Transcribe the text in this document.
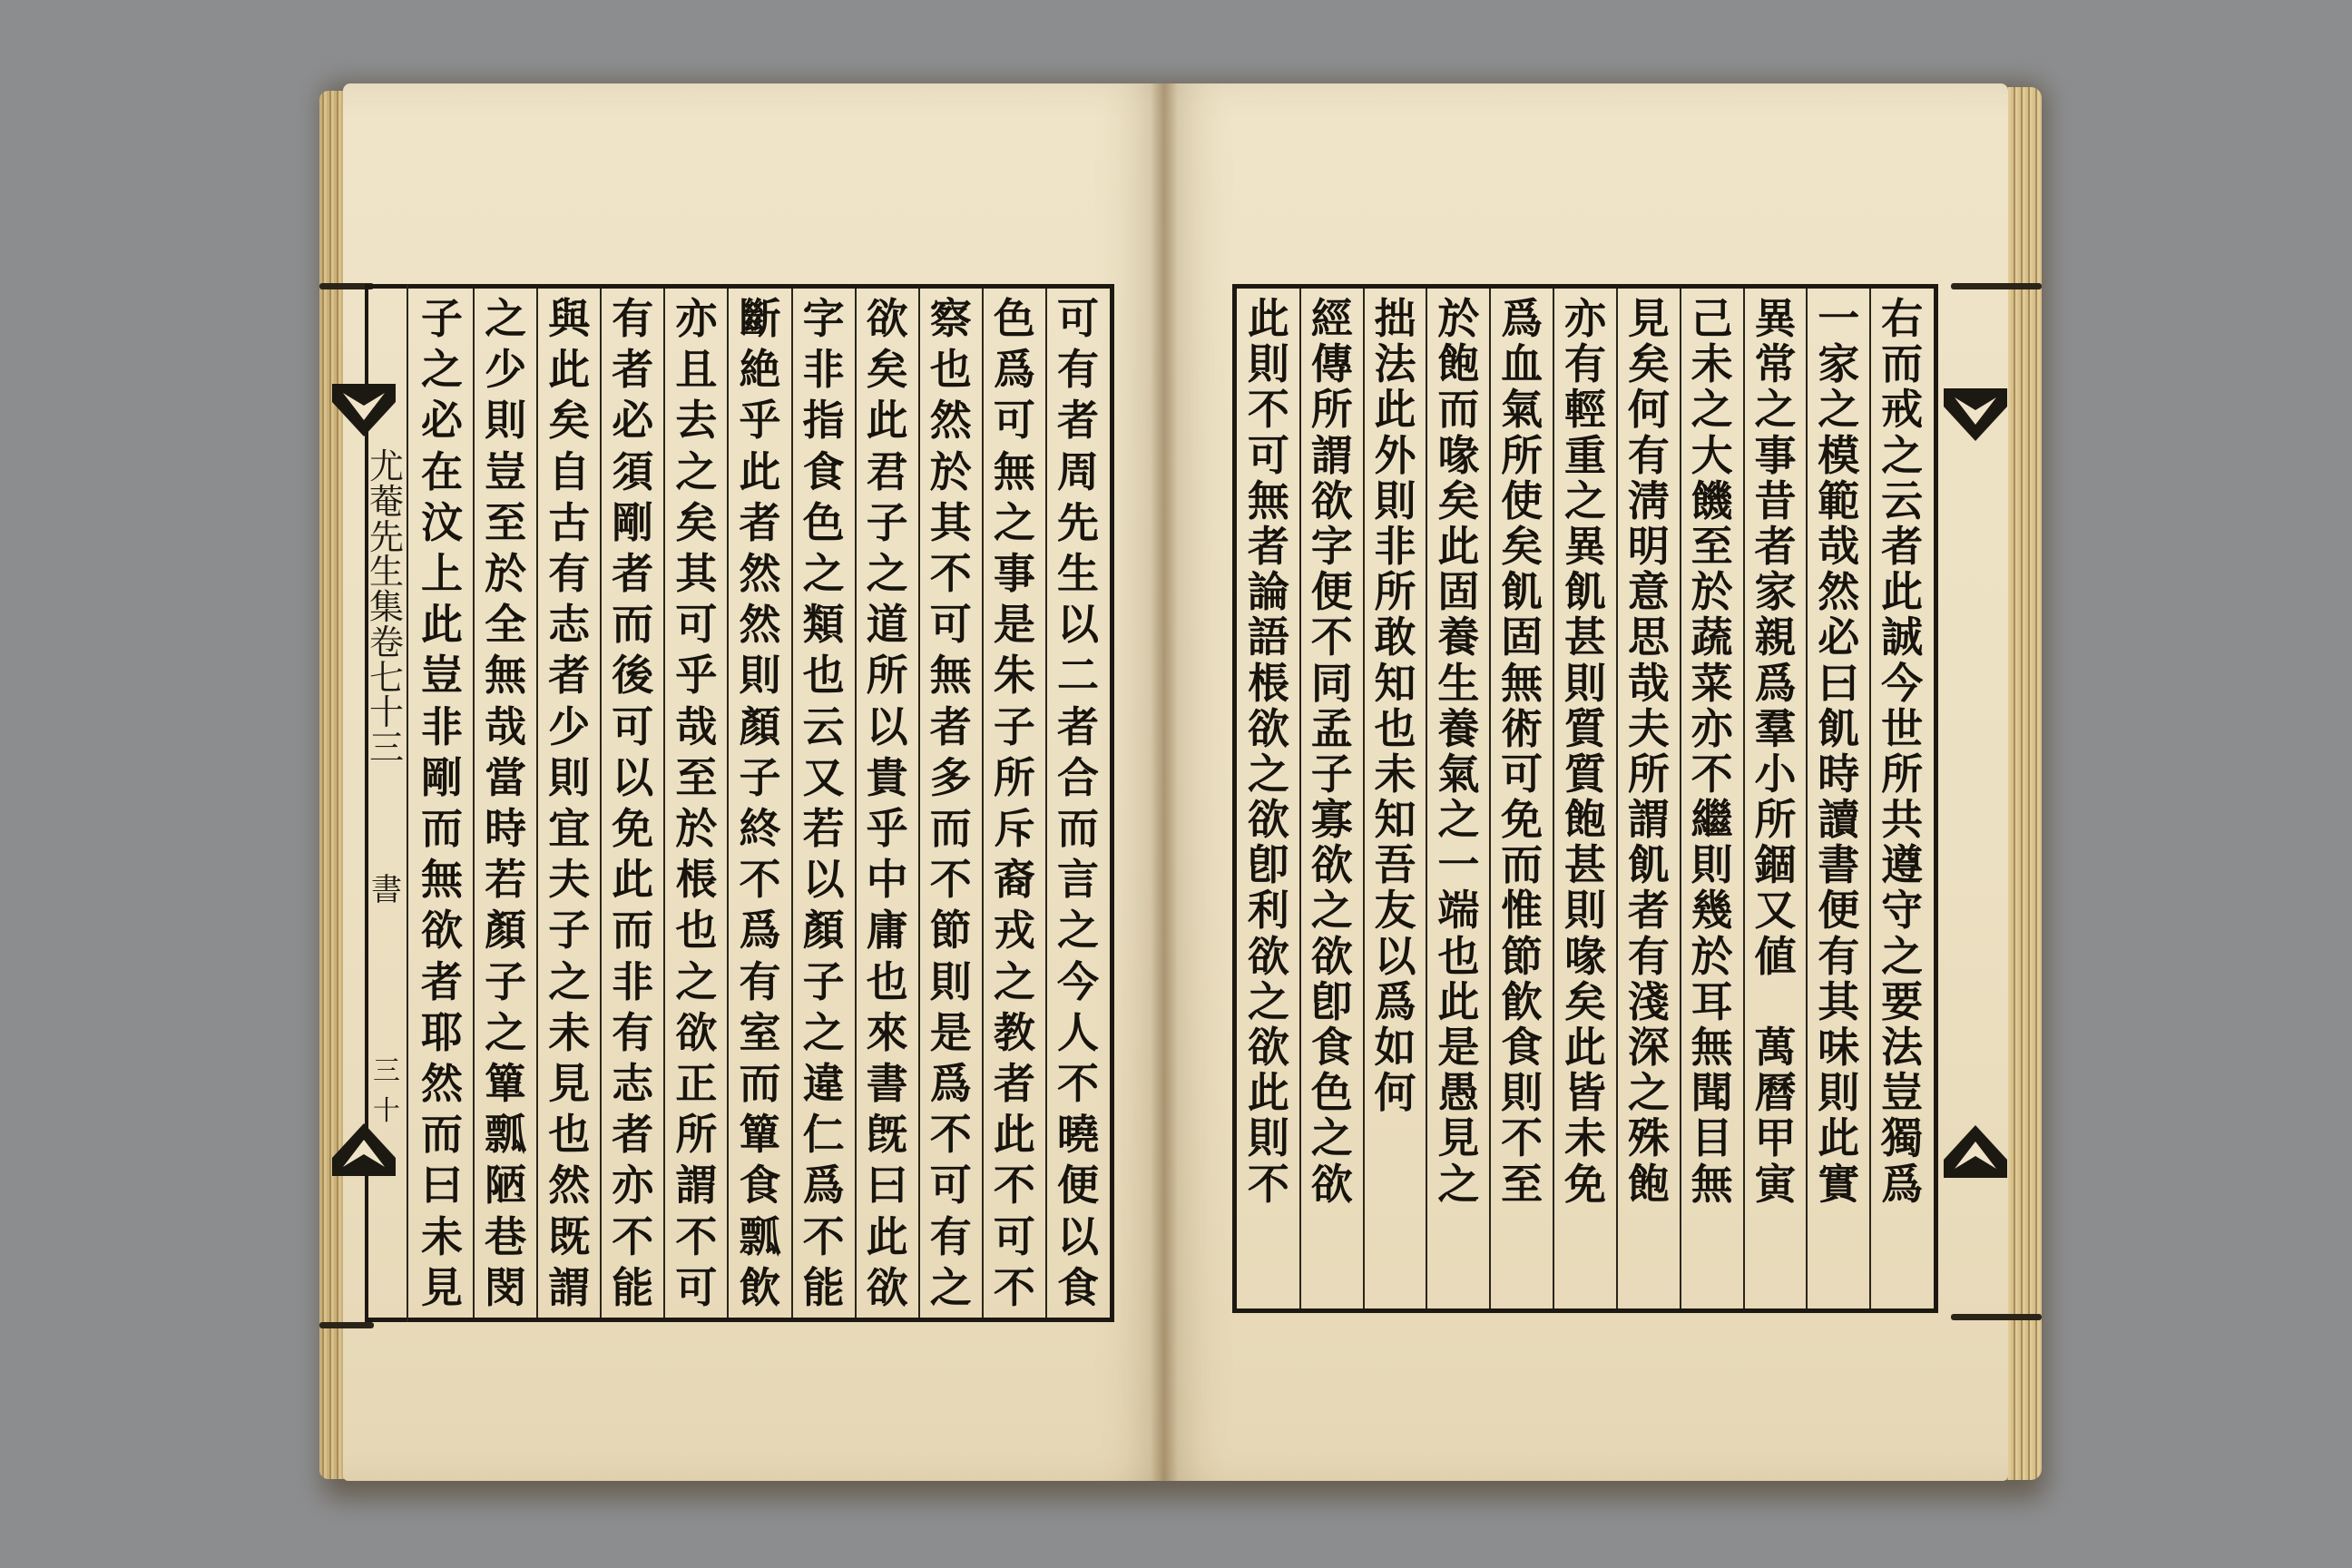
子
之
必
在
汶
上
此
豈
非
剛
而
無
欲
者
耶
然
而
曰
未
見
之
少
則
豈
至
於
全
無
哉
當
時
若
顏
子
之
簞
瓢
陋
巷
閔
與
此
矣
自
古
有
志
者
少
則
宜
夫
子
之
未
見
也
然
既
謂
有
者
必
須
剛
者
而
後
可
以
免
此
而
非
有
志
者
亦
不
能
亦
且
去
之
矣
其
可
乎
哉
至
於
棖
也
之
欲
正
所
謂
不
可
斷
絶
乎
此
者
然
然
則
顏
子
終
不
爲
有
室
而
簞
食
瓢
飲
字
非
指
食
色
之
類
也
云
又
若
以
顏
子
之
違
仁
爲
不
能
欲
矣
此
君
子
之
道
所
以
貴
乎
中
庸
也
來
書
旣
曰
此
欲
察
也
然
於
其
不
可
無
者
多
而
不
節
則
是
爲
不
可
有
之
色
爲
可
無
之
事
是
朱
子
所
斥
裔
戎
之
教
者
此
不
可
不
可
有
者
周
先
生
以
二
者
合
而
言
之
今
人
不
曉
便
以
食
尤
菴
先
生
集
卷
七
十
三
書
三
十
此
則
不
可
無
者
論
語
棖
欲
之
欲
卽
利
欲
之
欲
此
則
不
經
傳
所
謂
欲
字
便
不
同
孟
子
寡
欲
之
欲
卽
食
色
之
欲
拙
法
此
外
則
非
所
敢
知
也
未
知
吾
友
以
爲
如
何
於
飽
而
喙
矣
此
固
養
生
養
氣
之
一
端
也
此
是
愚
見
之
爲
血
氣
所
使
矣
飢
固
無
術
可
免
而
惟
節
飮
食
則
不
至
亦
有
輕
重
之
異
飢
甚
則
質
質
飽
甚
則
喙
矣
此
皆
未
免
見
矣
何
有
淸
明
意
思
哉
夫
所
謂
飢
者
有
淺
深
之
殊
飽
己
未
之
大
饑
至
於
蔬
菜
亦
不
繼
則
幾
於
耳
無
聞
目
無
異
常
之
事
昔
者
家
親
爲
羣
小
所
錮
又
値

萬
曆
甲
寅
一
家
之
模
範
哉
然
必
曰
飢
時
讀
書
便
有
其
味
則
此
實
右
而
戒
之
云
者
此
誠
今
世
所
共
遵
守
之
要
法
豈
獨
爲
